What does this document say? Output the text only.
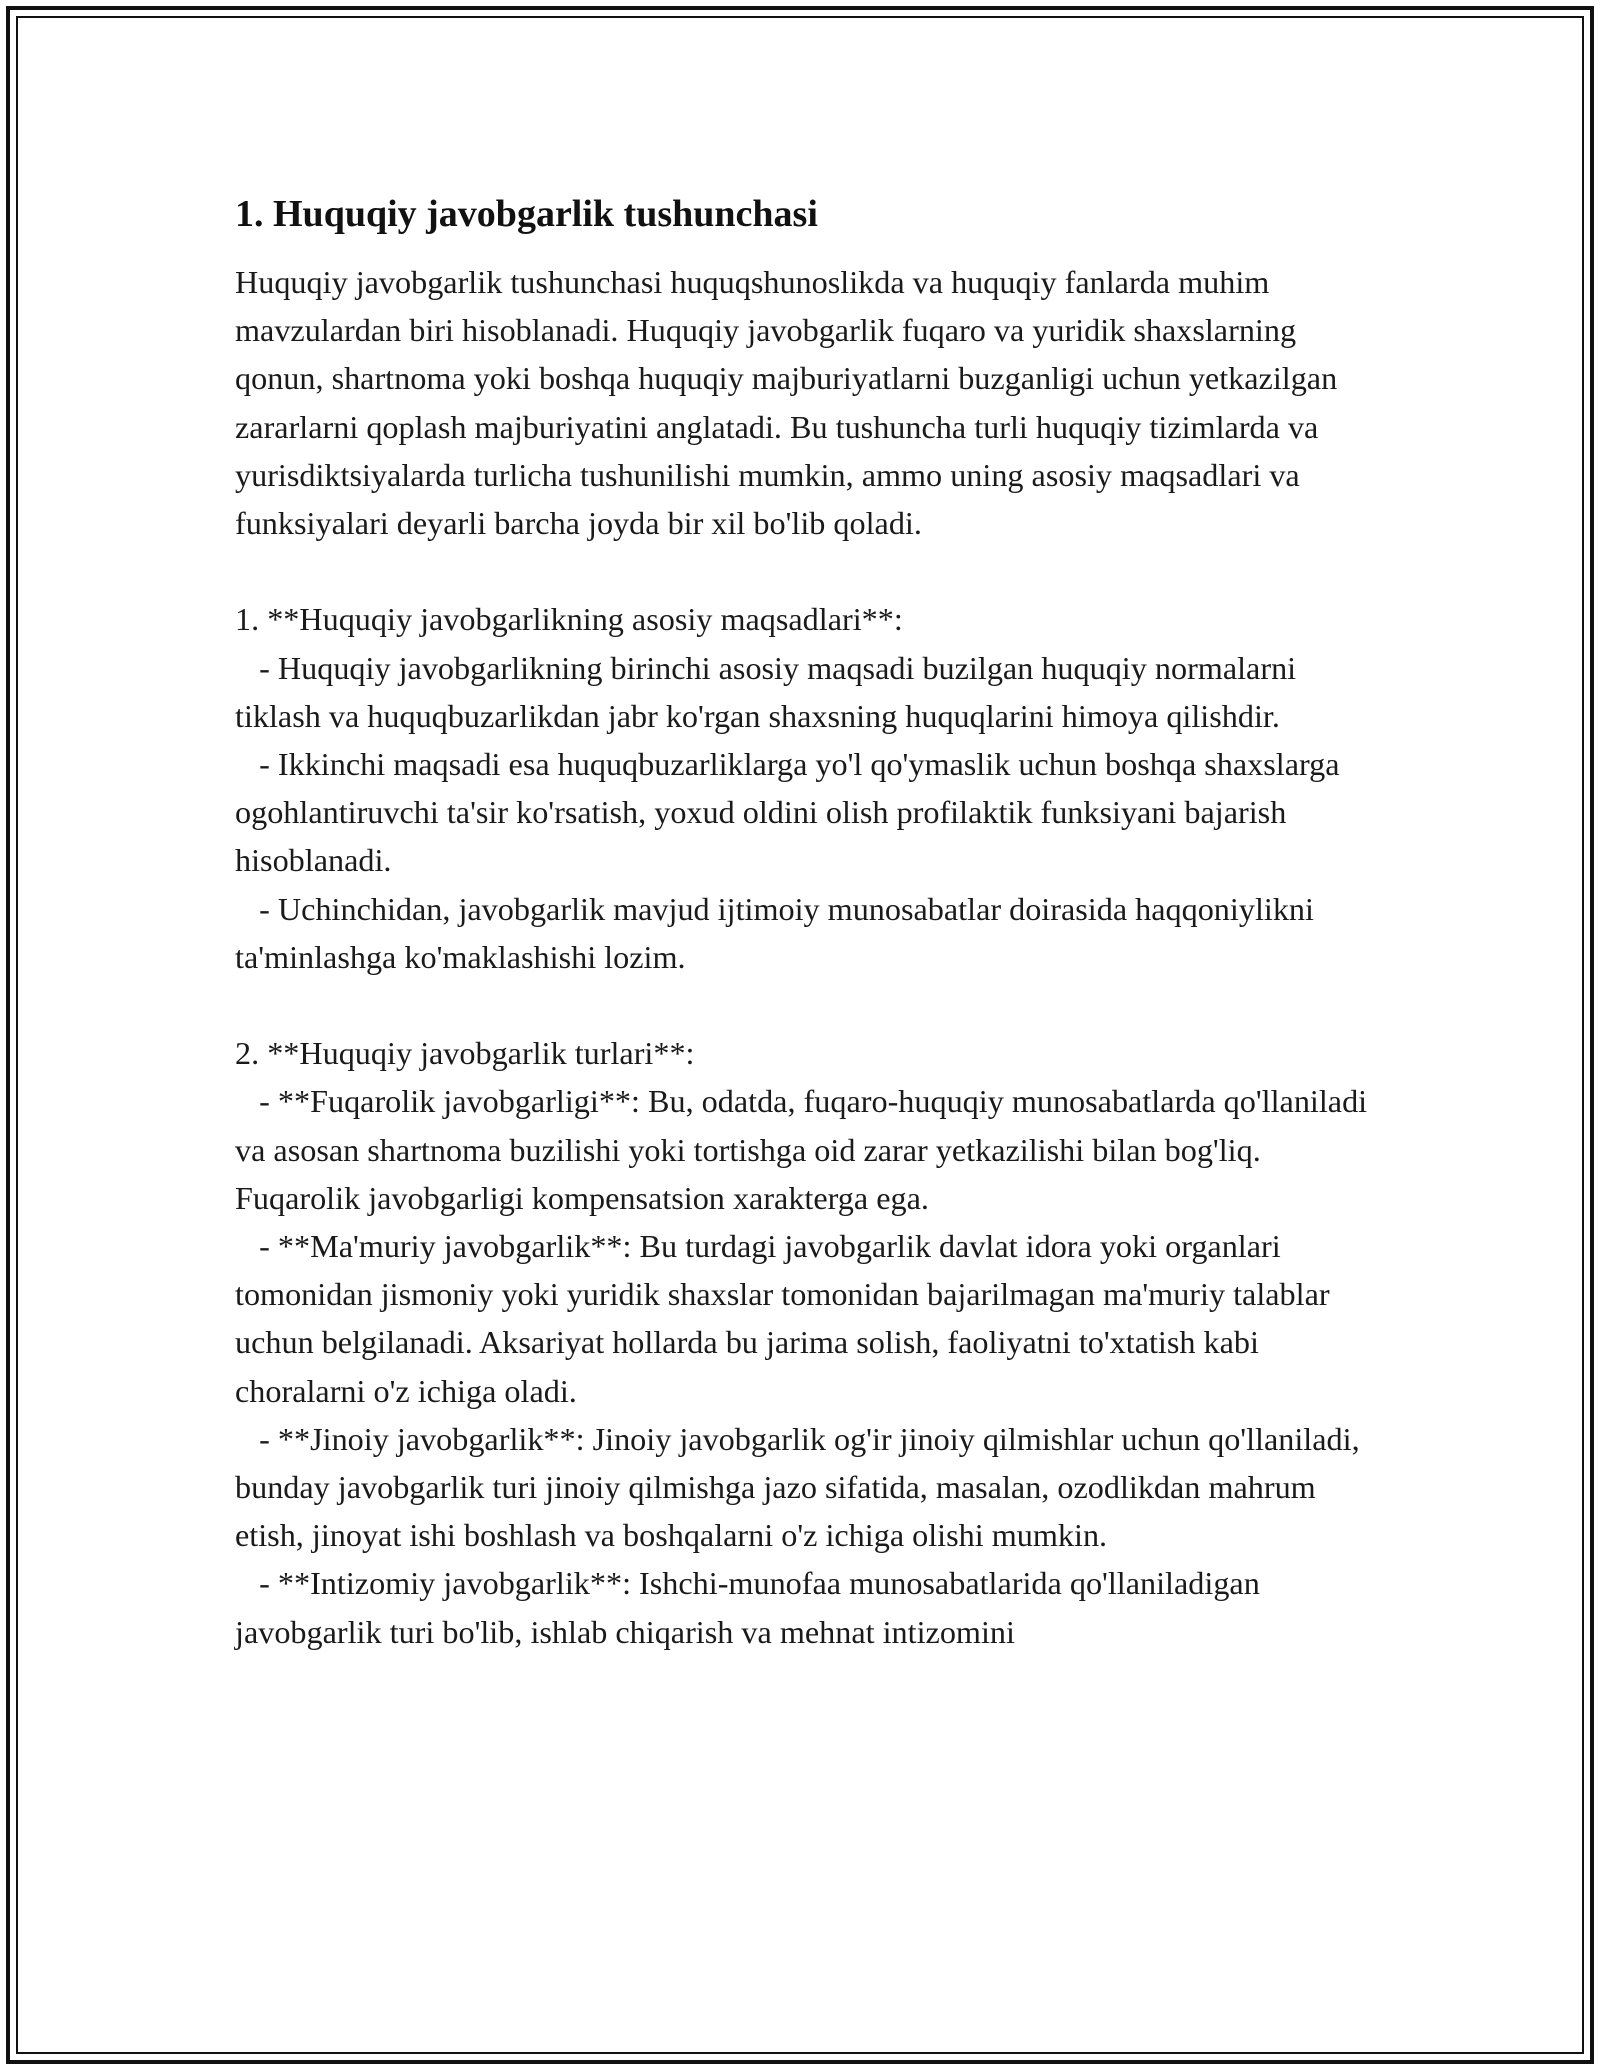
1. Huquqiy javobgarlik tushunchasi

Huquqiy javobgarlik tushunchasi huquqshunoslikda va huquqiy fanlarda muhim mavzulardan biri hisoblanadi. Huquqiy javobgarlik fuqaro va yuridik shaxslarning qonun, shartnoma yoki boshqa huquqiy majburiyatlarni buzganligi uchun yetkazilgan zararlarni qoplash majburiyatini anglatadi. Bu tushuncha turli huquqiy tizimlarda va yurisdiktsiyalarda turlicha tushunilishi mumkin, ammo uning asosiy maqsadlari va funksiyalari deyarli barcha joyda bir xil bo'lib qoladi.

1. **Huquqiy javobgarlikning asosiy maqsadlari**:
- Huquqiy javobgarlikning birinchi asosiy maqsadi buzilgan huquqiy normalarni tiklash va huquqbuzarlikdan jabr ko'rgan shaxsning huquqlarini himoya qilishdir.
- Ikkinchi maqsadi esa huquqbuzarliklarga yo'l qo'ymaslik uchun boshqa shaxslarga ogohlantiruvchi ta'sir ko'rsatish, yoxud oldini olish profilaktik funksiyani bajarish hisoblanadi.
- Uchinchidan, javobgarlik mavjud ijtimoiy munosabatlar doirasida haqqoniylikni ta'minlashga ko'maklashishi lozim.

2. **Huquqiy javobgarlik turlari**:
- **Fuqarolik javobgarligi**: Bu, odatda, fuqaro-huquqiy munosabatlarda qo'llaniladi va asosan shartnoma buzilishi yoki tortishga oid zarar yetkazilishi bilan bog'liq. Fuqarolik javobgarligi kompensatsion xarakterga ega.
- **Ma'muriy javobgarlik**: Bu turdagi javobgarlik davlat idora yoki organlari tomonidan jismoniy yoki yuridik shaxslar tomonidan bajarilmagan ma'muriy talablar uchun belgilanadi. Aksariyat hollarda bu jarima solish, faoliyatni to'xtatish kabi choralarni o'z ichiga oladi.
- **Jinoiy javobgarlik**: Jinoiy javobgarlik og'ir jinoiy qilmishlar uchun qo'llaniladi, bunday javobgarlik turi jinoiy qilmishga jazo sifatida, masalan, ozodlikdan mahrum etish, jinoyat ishi boshlash va boshqalarni o'z ichiga olishi mumkin.
- **Intizomiy javobgarlik**: Ishchi-munofaa munosabatlarida qo'llaniladigan javobgarlik turi bo'lib, ishlab chiqarish va mehnat intizomini
